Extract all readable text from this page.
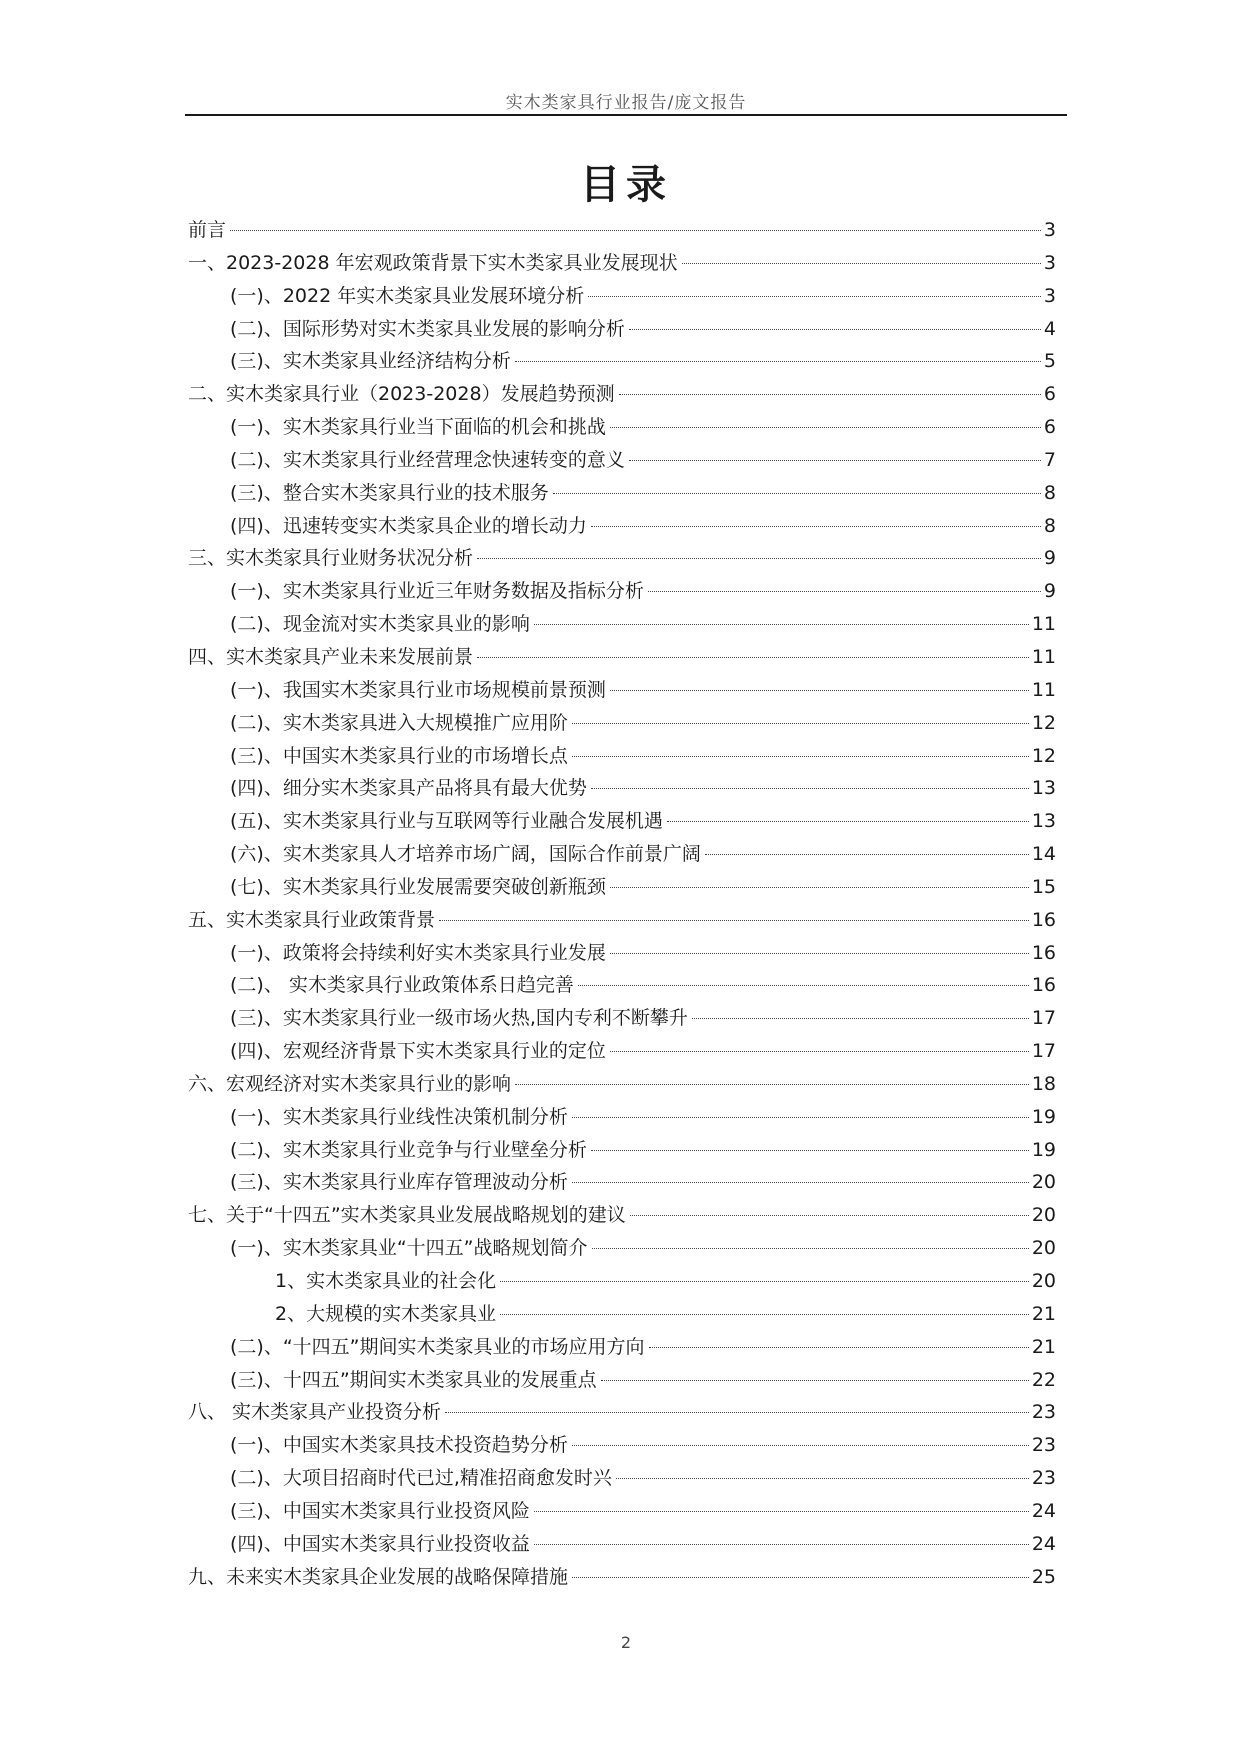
实木类家具行业报告/庞文报告
目录
前言	3
一、2023-2028 年宏观政策背景下实木类家具业发展现状	3
(一)、2022 年实木类家具业发展环境分析	3
(二)、国际形势对实木类家具业发展的影响分析	4
(三)、实木类家具业经济结构分析	5
二、实木类家具行业（2023-2028）发展趋势预测	6
(一)、实木类家具行业当下面临的机会和挑战	6
(二)、实木类家具行业经营理念快速转变的意义	7
(三)、整合实木类家具行业的技术服务	8
(四)、迅速转变实木类家具企业的增长动力	8
三、实木类家具行业财务状况分析	9
(一)、实木类家具行业近三年财务数据及指标分析	9
(二)、现金流对实木类家具业的影响	11
四、实木类家具产业未来发展前景	11
(一)、我国实木类家具行业市场规模前景预测	11
(二)、实木类家具进入大规模推广应用阶	12
(三)、中国实木类家具行业的市场增长点	12
(四)、细分实木类家具产品将具有最大优势	13
(五)、实木类家具行业与互联网等行业融合发展机遇	13
(六)、实木类家具人才培养市场广阔，国际合作前景广阔	14
(七)、实木类家具行业发展需要突破创新瓶颈	15
五、实木类家具行业政策背景	16
(一)、政策将会持续利好实木类家具行业发展	16
(二)、 实木类家具行业政策体系日趋完善	16
(三)、实木类家具行业一级市场火热,国内专利不断攀升	17
(四)、宏观经济背景下实木类家具行业的定位	17
六、宏观经济对实木类家具行业的影响	18
(一)、实木类家具行业线性决策机制分析	19
(二)、实木类家具行业竞争与行业壁垒分析	19
(三)、实木类家具行业库存管理波动分析	20
七、关于“十四五”实木类家具业发展战略规划的建议	20
(一)、实木类家具业“十四五”战略规划简介	20
1、实木类家具业的社会化	20
2、大规模的实木类家具业	21
(二)、“十四五”期间实木类家具业的市场应用方向	21
(三)、十四五”期间实木类家具业的发展重点	22
八、 实木类家具产业投资分析	23
(一)、中国实木类家具技术投资趋势分析	23
(二)、大项目招商时代已过,精准招商愈发时兴	23
(三)、中国实木类家具行业投资风险	24
(四)、中国实木类家具行业投资收益	24
九、未来实木类家具企业发展的战略保障措施	25
2
